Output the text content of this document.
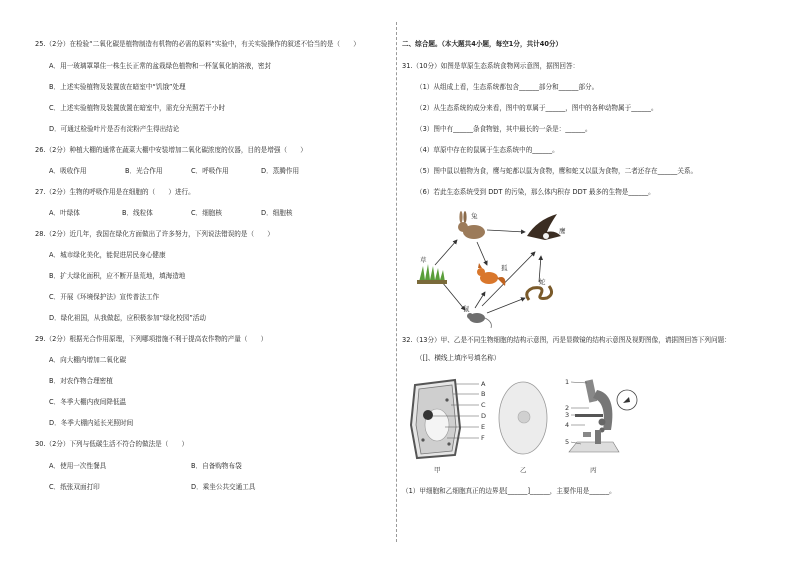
25.（2分）在检验“二氧化碳是植物制造有机物的必需的原料”实验中，有关实验操作的叙述不恰当的是（　　）
A．用一玻璃罩罩住一株生长正常的盆栽绿色植物和一杯氢氧化钠溶液，密封
B．上述实验植物及装置放在暗室中“饥饿”处理
C．上述实验植物及装置放置在暗室中，需充分光照若干小时
D．可通过检验叶片是否有淀粉产生得出结论
26.（2分）种植大棚的通常在蔬菜大棚中安装增加二氧化碳浓度的仪器，目的是增强（　　）
A．吸收作用	B．光合作用	C．呼吸作用	D．蒸腾作用
27.（2分）生物的呼吸作用是在细胞的（　　）进行。
A．叶绿体	B．线粒体	C．细胞核	D．细胞核
28.（2分）近几年，我国在绿化方面做出了许多努力，下列说法错误的是（　　）
A．城市绿化美化，能促进居民身心健康
B．扩大绿化面积，应不断开垦荒地，填海造地
C．开展《环境保护法》宣传普法工作
D．绿化祖国，从我做起，应积极参加“绿化校园”活动
29.（2分）根据光合作用原理，下列哪项措施不利于提高农作物的产量（　　）
A．向大棚内增加二氧化碳
B．对农作物合理密植
C．冬季大棚内夜间降低温
D．冬季大棚内延长光照时间
30.（2分）下列与低碳生活不符合的做法是（　　）
A．使用一次性餐具	B．自备购物布袋
C．纸张双面打印	D．乘坐公共交通工具
二、综合题。（本大题共4小题，每空1分，共计40分）
31.（10分）如图是草原生态系统食物网示意图，据图回答：
（1）从组成上看，生态系统都包含______部分和______部分。
（2）从生态系统的成分来看，图中的草属于______，图中的各种动物属于______。
（3）图中有______条食物链，其中最长的一条是：______。
（4）草原中存在的鼠属于生态系统中的______。
（5）图中鼠以植物为食，鹰与蛇都以鼠为食物，鹰和蛇又以鼠为食物，二者还存在______关系。
（6）若此生态系统受到 DDT 的污染，那么体内积存 DDT 最多的生物是______。
草
兔
狐
鼠
鹰
蛇
32.（13分）甲、乙是不同生物细胞的结构示意图，丙是显微镜的结构示意图及视野图像，请据图回答下列问题：
（[]、横线上填序号填名称）
A
B
C
D
E
F
甲	乙
1
2
3
4
5
丙
（1）甲细胞和乙细胞真正的边界是[______]______，主要作用是______。
